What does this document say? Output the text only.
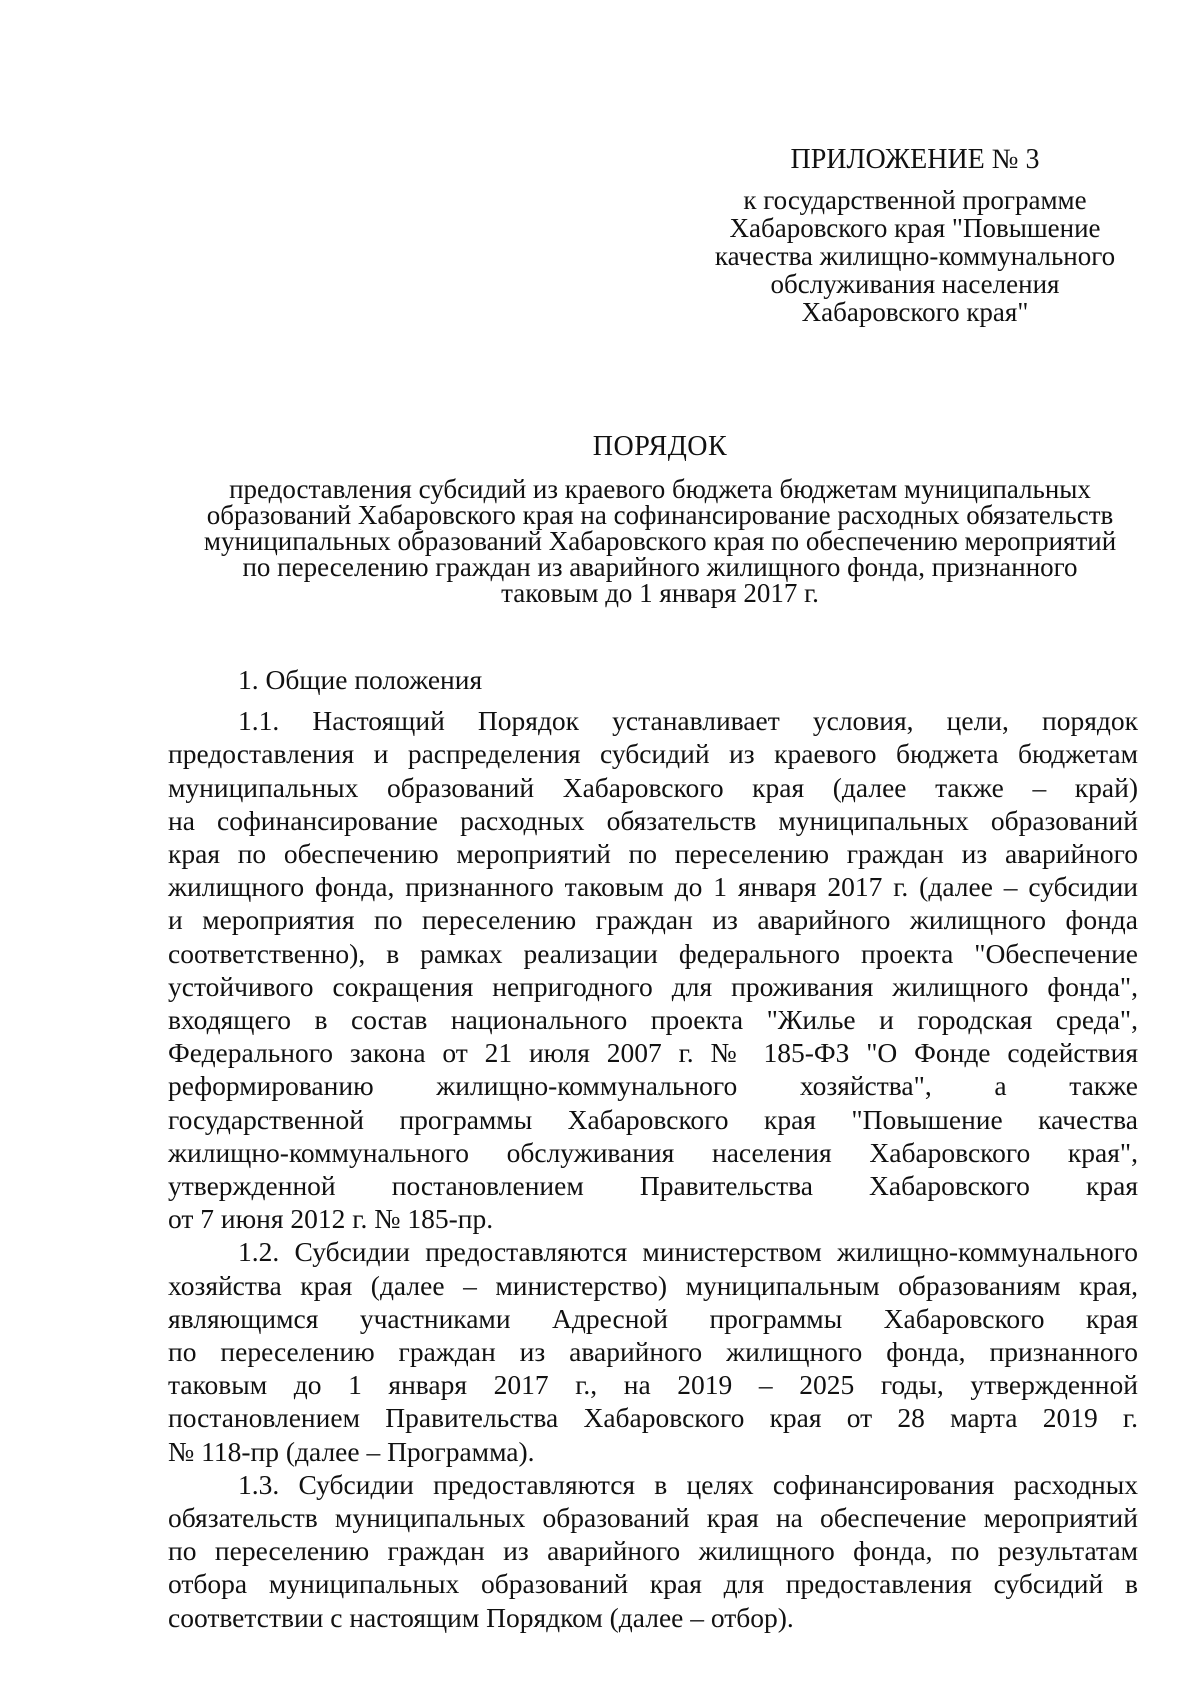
ПРИЛОЖЕНИЕ № 3
к государственной программе
Хабаровского края "Повышение
качества жилищно-коммунального
обслуживания населения
Хабаровского края"
ПОРЯДОК
предоставления субсидий из краевого бюджета бюджетам муниципальных
образований Хабаровского края на софинансирование расходных обязательств
муниципальных образований Хабаровского края по обеспечению мероприятий
по переселению граждан из аварийного жилищного фонда, признанного
таковым до 1 января 2017 г.
1. Общие положения
1.1. Настоящий Порядок устанавливает условия, цели, порядок
предоставления и распределения субсидий из краевого бюджета бюджетам
муниципальных образований Хабаровского края (далее также – край)
на софинансирование расходных обязательств муниципальных образований
края по обеспечению мероприятий по переселению граждан из аварийного
жилищного фонда, признанного таковым до 1 января 2017 г. (далее – субсидии
и мероприятия по переселению граждан из аварийного жилищного фонда
соответственно), в рамках реализации федерального проекта "Обеспечение
устойчивого сокращения непригодного для проживания жилищного фонда",
входящего в состав национального проекта "Жилье и городская среда",
Федерального закона от 21 июля 2007 г. № 185-ФЗ "О Фонде содействия
реформированию жилищно-коммунального хозяйства", а также
государственной программы Хабаровского края "Повышение качества
жилищно-коммунального обслуживания населения Хабаровского края",
утвержденной постановлением Правительства Хабаровского края
от 7 июня 2012 г. № 185-пр.
1.2. Субсидии предоставляются министерством жилищно-коммунального
хозяйства края (далее – министерство) муниципальным образованиям края,
являющимся участниками Адресной программы Хабаровского края
по переселению граждан из аварийного жилищного фонда, признанного
таковым до 1 января 2017 г., на 2019 – 2025 годы, утвержденной
постановлением Правительства Хабаровского края от 28 марта 2019 г.
№ 118-пр (далее – Программа).
1.3. Субсидии предоставляются в целях софинансирования расходных
обязательств муниципальных образований края на обеспечение мероприятий
по переселению граждан из аварийного жилищного фонда, по результатам
отбора муниципальных образований края для предоставления субсидий в
соответствии с настоящим Порядком (далее – отбор).
